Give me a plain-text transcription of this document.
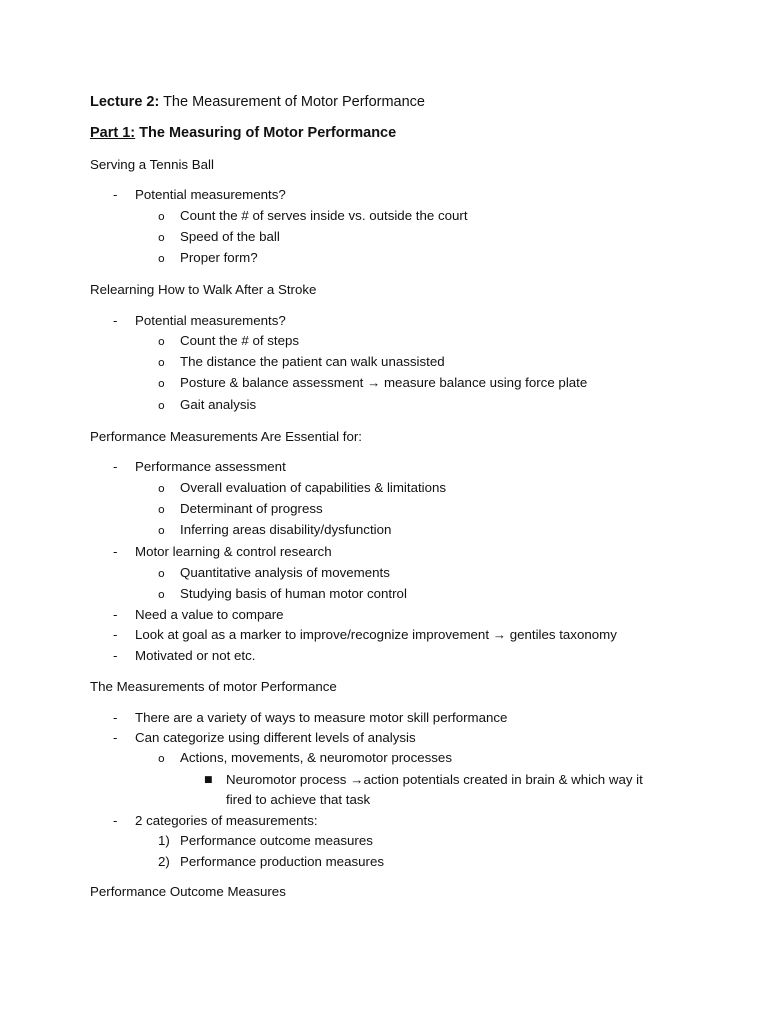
Lecture 2: The Measurement of Motor Performance
Part 1: The Measuring of Motor Performance
Serving a Tennis Ball
- Potential measurements?
o Count the # of serves inside vs. outside the court
o Speed of the ball
o Proper form?
Relearning How to Walk After a Stroke
- Potential measurements?
o Count the # of steps
o The distance the patient can walk unassisted
o Posture & balance assessment → measure balance using force plate
o Gait analysis
Performance Measurements Are Essential for:
- Performance assessment
o Overall evaluation of capabilities & limitations
o Determinant of progress
o Inferring areas disability/dysfunction
- Motor learning & control research
o Quantitative analysis of movements
o Studying basis of human motor control
- Need a value to compare
- Look at goal as a marker to improve/recognize improvement → gentiles taxonomy
- Motivated or not etc.
The Measurements of motor Performance
- There are a variety of ways to measure motor skill performance
- Can categorize using different levels of analysis
o Actions, movements, & neuromotor processes
■ Neuromotor process →action potentials created in brain & which way it
fired to achieve that task
- 2 categories of measurements:
1) Performance outcome measures
2) Performance production measures
Performance Outcome Measures
